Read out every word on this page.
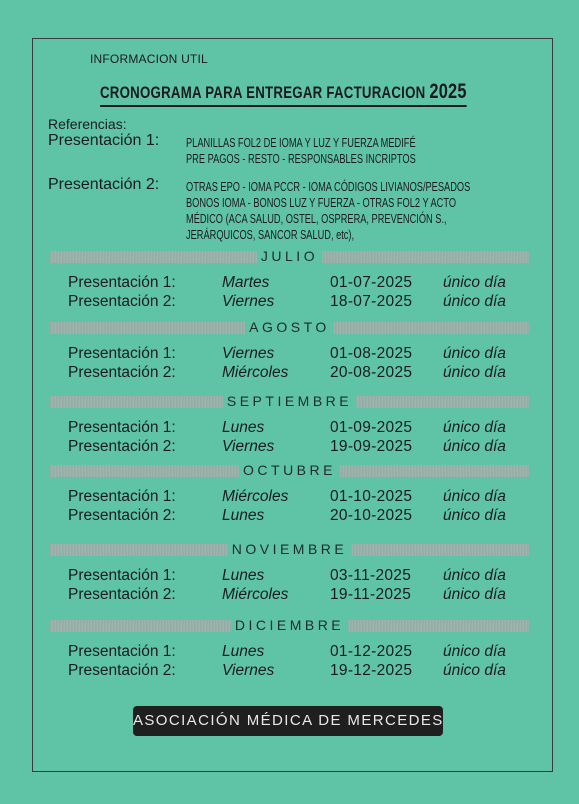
INFORMACION UTIL
CRONOGRAMA PARA ENTREGAR FACTURACION 2025
Referencias:
Presentación 1: PLANILLAS FOL2 DE IOMA Y LUZ Y FUERZA MEDIFÉ
PRE PAGOS - RESTO - RESPONSABLES INCRIPTOS
Presentación 2: OTRAS EPO - IOMA PCCR - IOMA CÓDIGOS LIVIANOS/PESADOS
BONOS IOMA - BONOS LUZ Y FUERZA - OTRAS FOL2 Y ACTO
MÉDICO (ACA SALUD, OSTEL, OSPRERA, PREVENCIÓN S.,
JERÁRQUICOS, SANCOR SALUD, etc),
JULIO
Presentación 1:	Martes	01-07-2025 único día
Presentación 2:	Viernes	18-07-2025 único día
AGOSTO
Presentación 1:	Viernes	01-08-2025 único día
Presentación 2:	Miércoles	20-08-2025 único día
SEPTIEMBRE
Presentación 1:	Lunes	01-09-2025 único día
Presentación 2:	Viernes	19-09-2025 único día
OCTUBRE
Presentación 1:	Miércoles	01-10-2025 único día
Presentación 2:	Lunes	20-10-2025 único día
NOVIEMBRE
Presentación 1:	Lunes	03-11-2025 único día
Presentación 2:	Miércoles	19-11-2025 único día
DICIEMBRE
Presentación 1:	Lunes	01-12-2025 único día
Presentación 2:	Viernes	19-12-2025 único día
ASOCIACIÓN MÉDICA DE MERCEDES
